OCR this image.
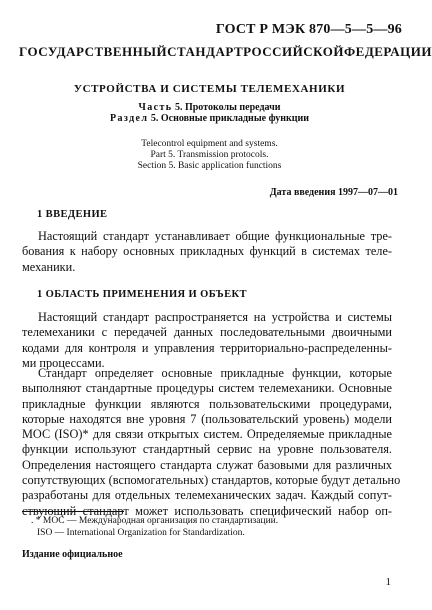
ГОСТ Р МЭК 870—5—5—96
ГОСУДАРСТВЕННЫЙ СТАНДАРТ РОССИЙСКОЙ ФЕДЕРАЦИИ
УСТРОЙСТВА И СИСТЕМЫ ТЕЛЕМЕХАНИКИ
Часть 5. Протоколы передачи
Раздел 5. Основные прикладные функции
Telecontrol equipment and systems.
Part 5. Transmission protocols.
Section 5. Basic application functions
Дата введения 1997—07—01
1 ВВЕДЕНИЕ
Настоящий стандарт устанавливает общие функциональные тре-
бования к набору основных прикладных функций в системах теле-
механики.
1 ОБЛАСТЬ ПРИМЕНЕНИЯ И ОБЪЕКТ
Настоящий стандарт распространяется на устройства и системы
телемеханики с передачей данных последовательными двоичными
кодами для контроля и управления территориально-распределенны-
ми процессами.
Стандарт определяет основные прикладные функции, которые
выполняют стандартные процедуры систем телемеханики. Основные
прикладные функции являются пользовательскими процедурами,
которые находятся вне уровня 7 (пользовательский уровень) модели
МОС (ISO)* для связи открытых систем. Определяемые прикладные
функции используют стандартный сервис на уровне пользователя.
Определения настоящего стандарта служат базовыми для различных
сопутствующих (вспомогательных) стандартов, которые будут детально
разработаны для отдельных телемеханических задач. Каждый сопут-
ствующий стандарт может использовать специфический набор оп-
. * МОС — Международная организация по стандартизации.
ISO — International Organization for Standardization.
Издание официальное
1
